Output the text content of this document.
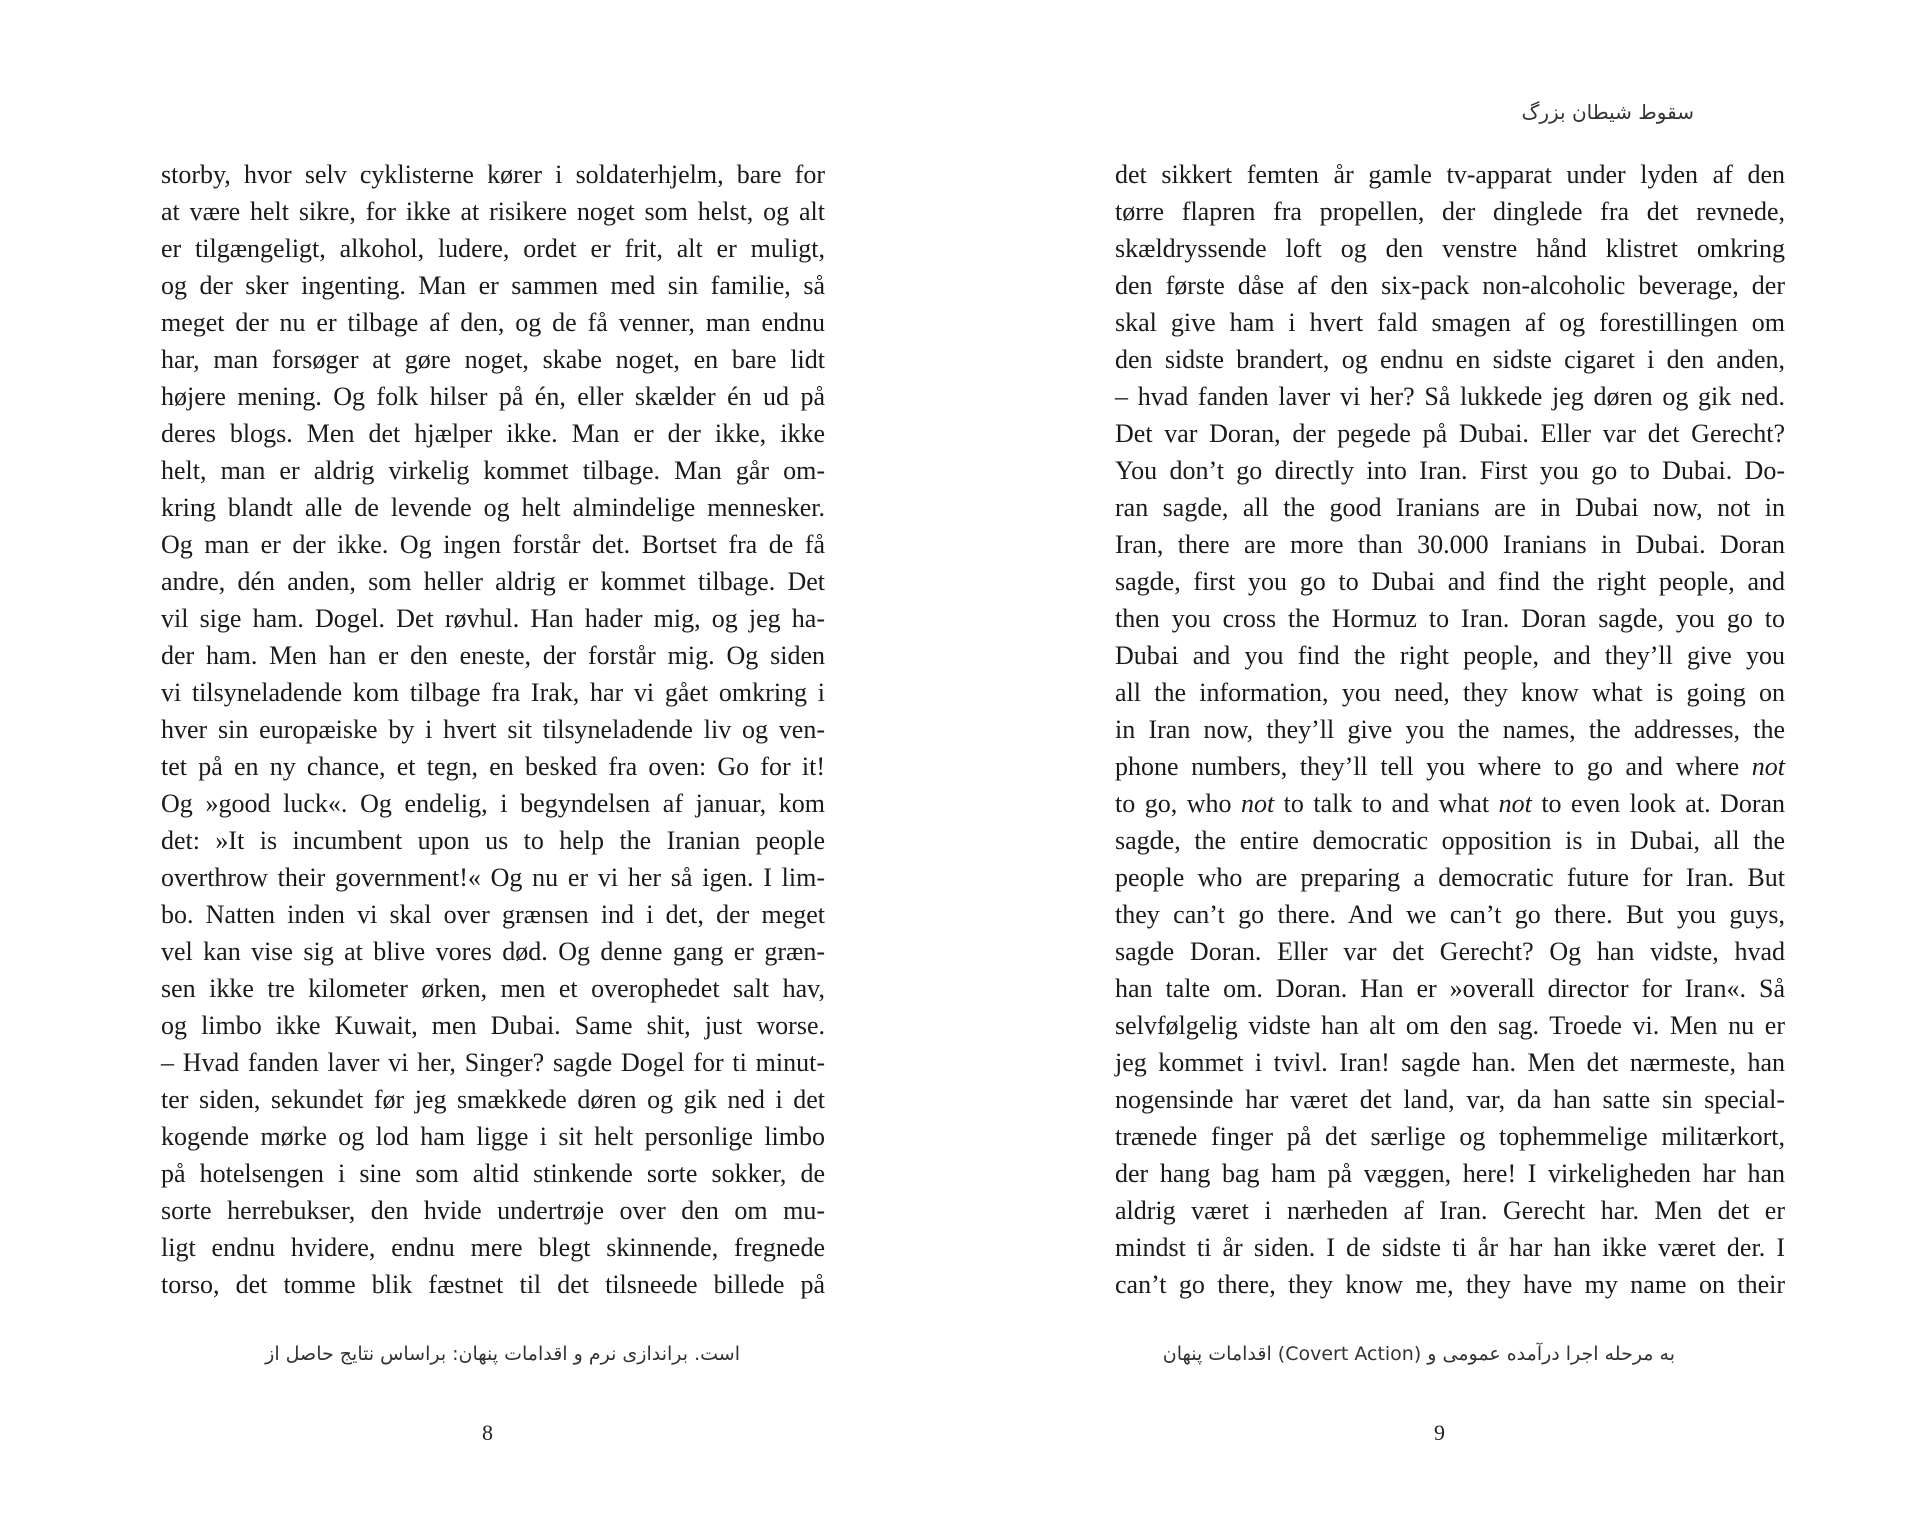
storby, hvor selv cyklisterne kører i soldaterhjelm, bare for
at være helt sikre, for ikke at risikere noget som helst, og alt
er tilgængeligt, alkohol, ludere, ordet er frit, alt er muligt,
og der sker ingenting. Man er sammen med sin familie, så
meget der nu er tilbage af den, og de få venner, man endnu
har, man forsøger at gøre noget, skabe noget, en bare lidt
højere mening. Og folk hilser på én, eller skælder én ud på
deres blogs. Men det hjælper ikke. Man er der ikke, ikke
helt, man er aldrig virkelig kommet tilbage. Man går om-
kring blandt alle de levende og helt almindelige mennesker.
Og man er der ikke. Og ingen forstår det. Bortset fra de få
andre, dén anden, som heller aldrig er kommet tilbage. Det
vil sige ham. Dogel. Det røvhul. Han hader mig, og jeg ha-
der ham. Men han er den eneste, der forstår mig. Og siden
vi tilsyneladende kom tilbage fra Irak, har vi gået omkring i
hver sin europæiske by i hvert sit tilsyneladende liv og ven-
tet på en ny chance, et tegn, en besked fra oven: Go for it!
Og »good luck«. Og endelig, i begyndelsen af januar, kom
det: »It is incumbent upon us to help the Iranian people
overthrow their government!« Og nu er vi her så igen. I lim-
bo. Natten inden vi skal over grænsen ind i det, der meget
vel kan vise sig at blive vores død. Og denne gang er græn-
sen ikke tre kilometer ørken, men et overophedet salt hav,
og limbo ikke Kuwait, men Dubai. Same shit, just worse.
– Hvad fanden laver vi her, Singer? sagde Dogel for ti minut-
ter siden, sekundet før jeg smækkede døren og gik ned i det
kogende mørke og lod ham ligge i sit helt personlige limbo
på hotelsengen i sine som altid stinkende sorte sokker, de
sorte herrebukser, den hvide undertrøje over den om mu-
ligt endnu hvidere, endnu mere blegt skinnende, fregnede
torso, det tomme blik fæstnet til det tilsneede billede på
است. براندازی نرم و اقدامات پنهان: براساس نتایج حاصل از
8
سقوط شیطان بزرگ
det sikkert femten år gamle tv-apparat under lyden af den
tørre flapren fra propellen, der dinglede fra det revnede,
skældryssende loft og den venstre hånd klistret omkring
den første dåse af den six-pack non-alcoholic beverage, der
skal give ham i hvert fald smagen af og forestillingen om
den sidste brandert, og endnu en sidste cigaret i den anden,
– hvad fanden laver vi her? Så lukkede jeg døren og gik ned.
Det var Doran, der pegede på Dubai. Eller var det Gerecht?
You don’t go directly into Iran. First you go to Dubai. Do-
ran sagde, all the good Iranians are in Dubai now, not in
Iran, there are more than 30.000 Iranians in Dubai. Doran
sagde, first you go to Dubai and find the right people, and
then you cross the Hormuz to Iran. Doran sagde, you go to
Dubai and you find the right people, and they’ll give you
all the information, you need, they know what is going on
in Iran now, they’ll give you the names, the addresses, the
phone numbers, they’ll tell you where to go and where not
to go, who not to talk to and what not to even look at. Doran
sagde, the entire democratic opposition is in Dubai, all the
people who are preparing a democratic future for Iran. But
they can’t go there. And we can’t go there. But you guys,
sagde Doran. Eller var det Gerecht? Og han vidste, hvad
han talte om. Doran. Han er »overall director for Iran«. Så
selvfølgelig vidste han alt om den sag. Troede vi. Men nu er
jeg kommet i tvivl. Iran! sagde han. Men det nærmeste, han
nogensinde har været det land, var, da han satte sin special-
trænede finger på det særlige og tophemmelige militærkort,
der hang bag ham på væggen, here! I virkeligheden har han
aldrig været i nærheden af Iran. Gerecht har. Men det er
mindst ti år siden. I de sidste ti år har han ikke været der. I
can’t go there, they know me, they have my name on their
به مرحله اجرا درآمده عمومی و (Covert Action) اقدامات پنهان
9
